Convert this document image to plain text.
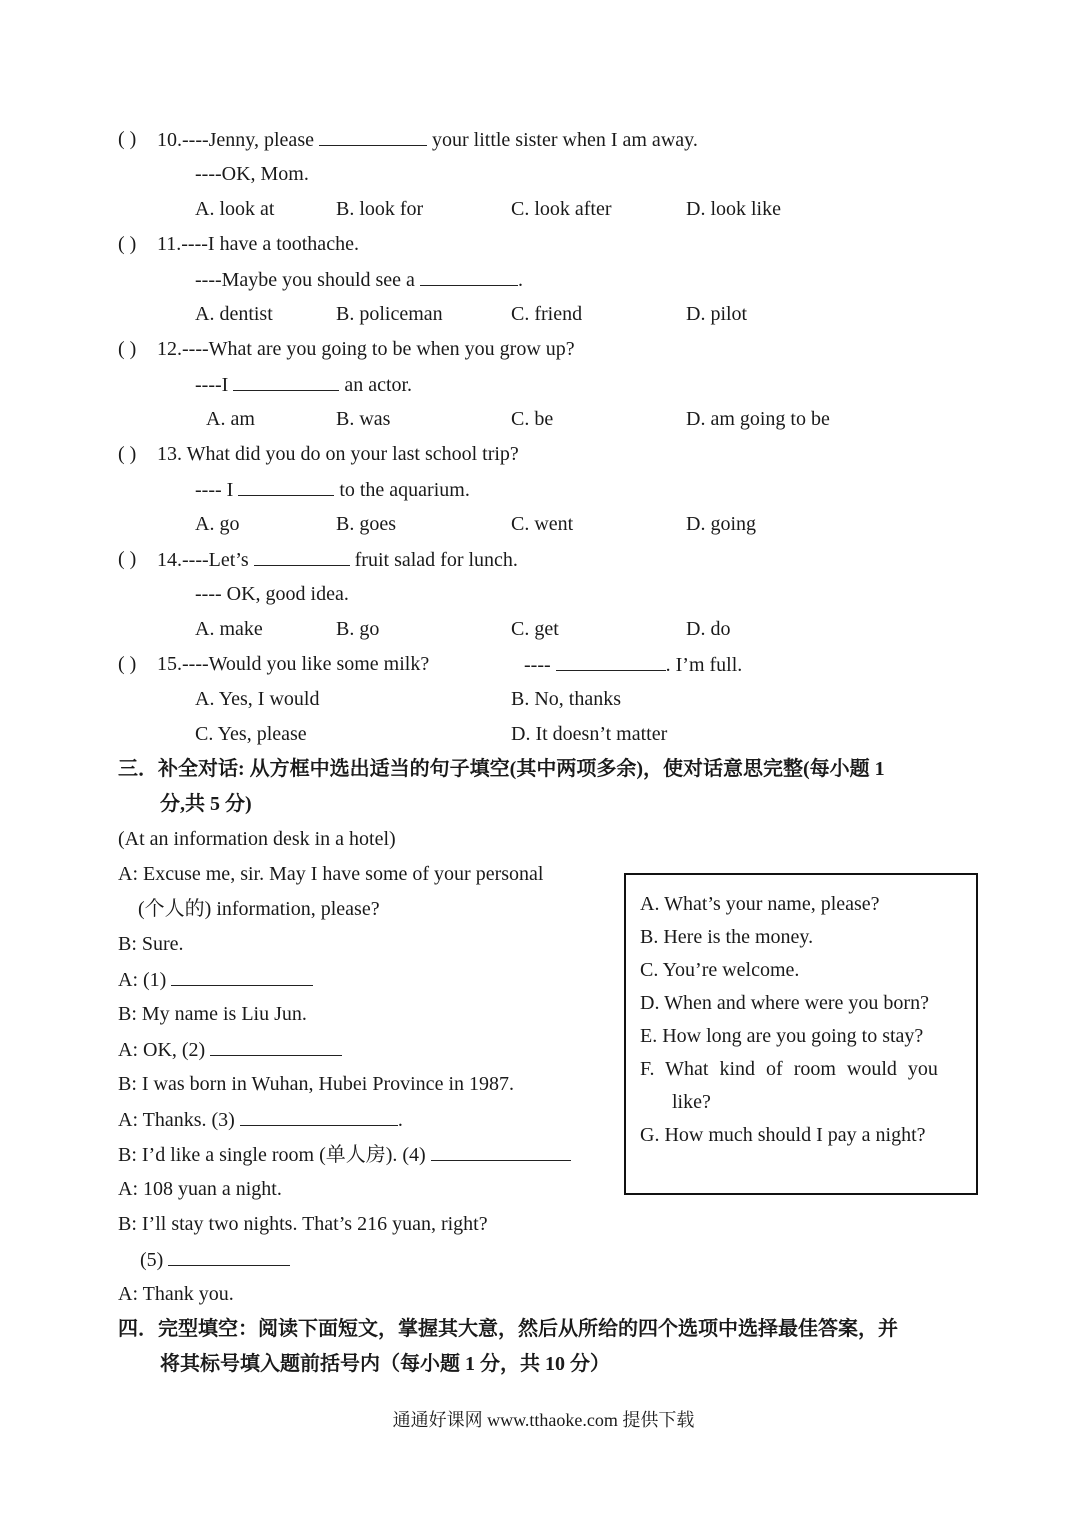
( ) 10.----Jenny, please	your little sister when I am away.
----OK, Mom.
A. look at	B. look for	C. look after	D. look like
( ) 11.----I have a toothache.
----Maybe you should see a	.
A. dentist	B. policeman	C. friend	D. pilot
( ) 12.----What are you going to be when you grow up?
----I	an actor.
A. am	B. was	C. be	D. am going to be
( ) 13. What did you do on your last school trip?
---- I	to the aquarium.
A. go	B. goes	C. went	D. going
( ) 14.----Let’s	fruit salad for lunch.
---- OK, good idea.
A. make	B. go	C. get	D. do
( ) 15.----Would you like some milk?	----	. I’m full.
A. Yes, I would	B. No, thanks
C. Yes, please	D. It doesn’t matter
三．补全对话: 从方框中选出适当的句子填空(其中两项多余)，使对话意思完整(每小题 1
分,共 5 分)
(At an information desk in a hotel)
A: Excuse me, sir. May I have some of your personal
(个人的) information, please?
B: Sure.
A: (1)
B: My name is Liu Jun.
A: OK, (2)
B: I was born in Wuhan, Hubei Province in 1987.
A: Thanks. (3)	.
B: I’d like a single room (单人房). (4)
A: 108 yuan a night.
B: I’ll stay two nights. That’s 216 yuan, right?
(5)
A: Thank you.
A. What’s your name, please?
B. Here is the money.
C. You’re welcome.
D. When and where were you born?
E. How long are you going to stay?
F. What kind of room would you
like?
G. How much should I pay a night?
四．完型填空：阅读下面短文，掌握其大意，然后从所给的四个选项中选择最佳答案，并
将其标号填入题前括号内（每小题 1 分，共 10 分）
通通好课网 www.tthaoke.com 提供下载
